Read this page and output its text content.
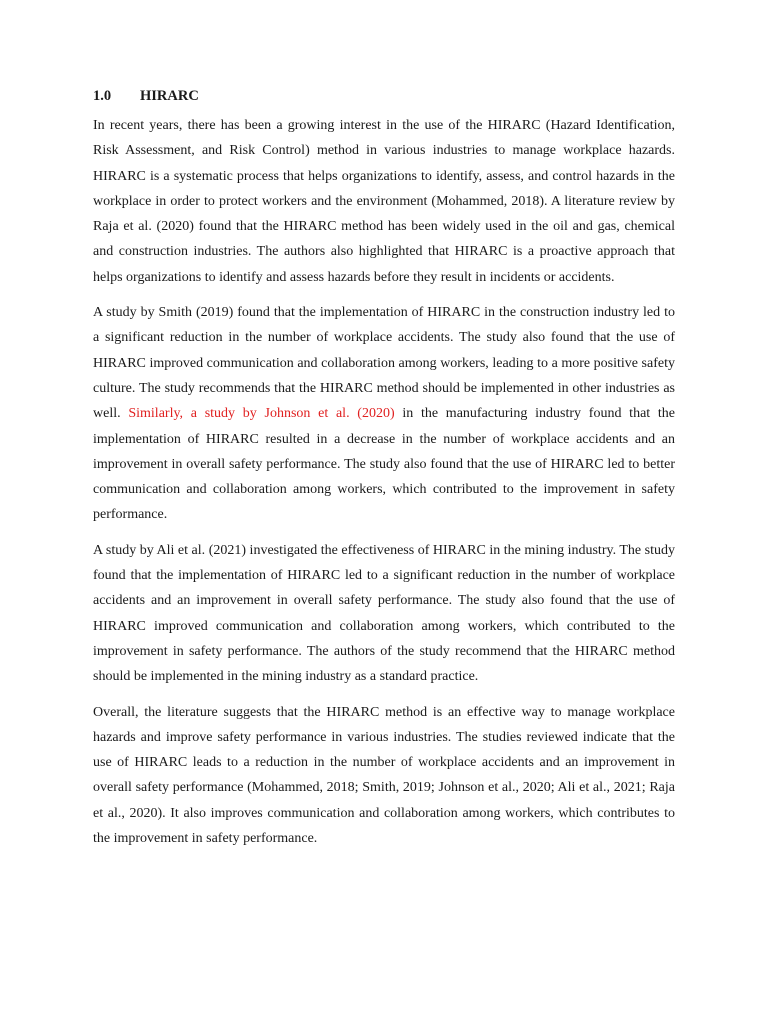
1.0	HIRARC

In recent years, there has been a growing interest in the use of the HIRARC (Hazard Identification, Risk Assessment, and Risk Control) method in various industries to manage workplace hazards. HIRARC is a systematic process that helps organizations to identify, assess, and control hazards in the workplace in order to protect workers and the environment (Mohammed, 2018). A literature review by Raja et al. (2020) found that the HIRARC method has been widely used in the oil and gas, chemical and construction industries. The authors also highlighted that HIRARC is a proactive approach that helps organizations to identify and assess hazards before they result in incidents or accidents.

A study by Smith (2019) found that the implementation of HIRARC in the construction industry led to a significant reduction in the number of workplace accidents. The study also found that the use of HIRARC improved communication and collaboration among workers, leading to a more positive safety culture. The study recommends that the HIRARC method should be implemented in other industries as well. Similarly, a study by Johnson et al. (2020) in the manufacturing industry found that the implementation of HIRARC resulted in a decrease in the number of workplace accidents and an improvement in overall safety performance. The study also found that the use of HIRARC led to better communication and collaboration among workers, which contributed to the improvement in safety performance.

A study by Ali et al. (2021) investigated the effectiveness of HIRARC in the mining industry. The study found that the implementation of HIRARC led to a significant reduction in the number of workplace accidents and an improvement in overall safety performance. The study also found that the use of HIRARC improved communication and collaboration among workers, which contributed to the improvement in safety performance. The authors of the study recommend that the HIRARC method should be implemented in the mining industry as a standard practice.

Overall, the literature suggests that the HIRARC method is an effective way to manage workplace hazards and improve safety performance in various industries. The studies reviewed indicate that the use of HIRARC leads to a reduction in the number of workplace accidents and an improvement in overall safety performance (Mohammed, 2018; Smith, 2019; Johnson et al., 2020; Ali et al., 2021; Raja et al., 2020). It also improves communication and collaboration among workers, which contributes to the improvement in safety performance.
